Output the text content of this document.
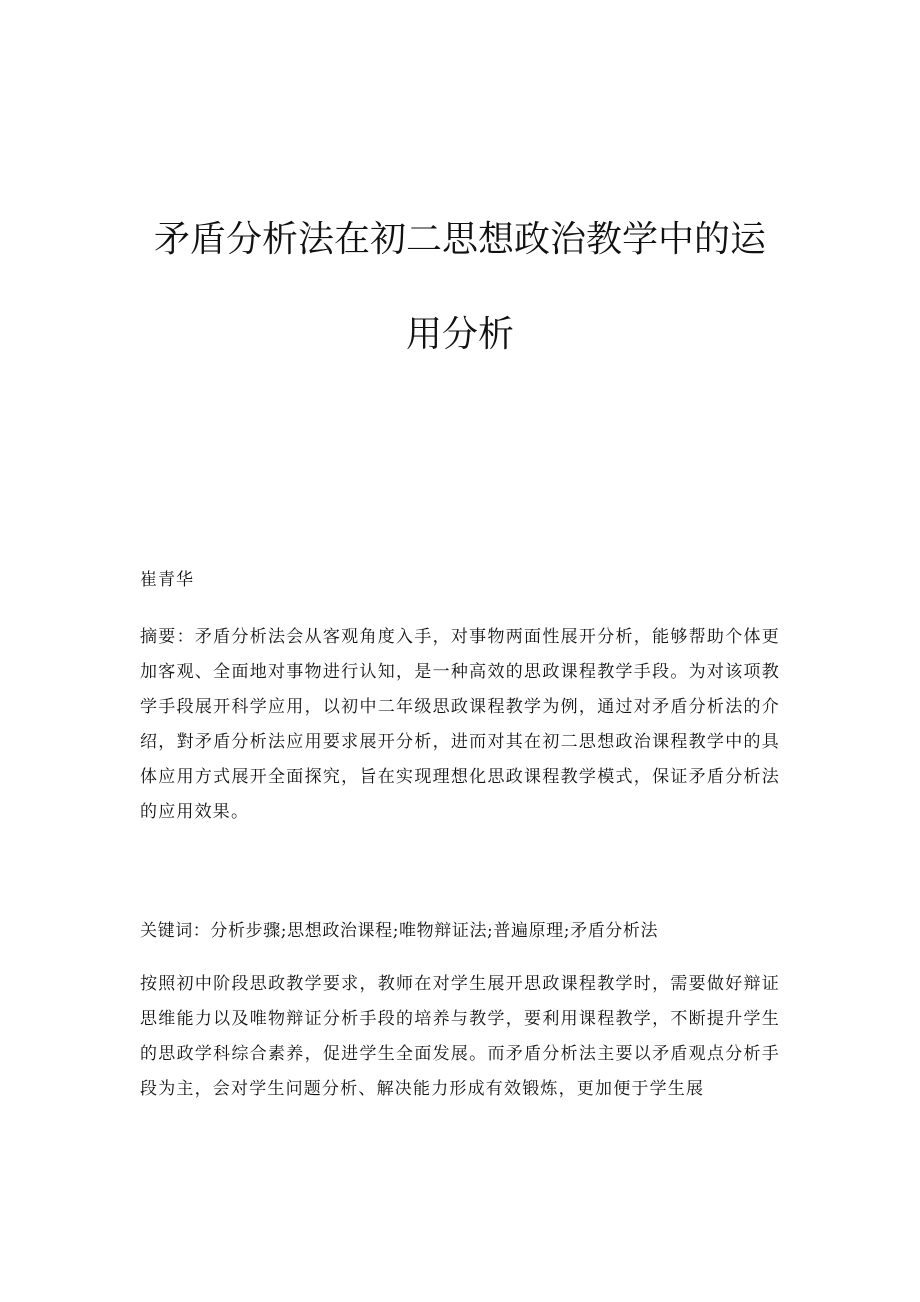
矛盾分析法在初二思想政治教学中的运
用分析
崔青华
摘要：矛盾分析法会从客观角度入手，对事物两面性展开分析，能够帮助个体更加客观、全面地对事物进行认知，是一种高效的思政课程教学手段。为对该项教学手段展开科学应用，以初中二年级思政课程教学为例，通过对矛盾分析法的介绍，對矛盾分析法应用要求展开分析，进而对其在初二思想政治课程教学中的具体应用方式展开全面探究，旨在实现理想化思政课程教学模式，保证矛盾分析法的应用效果。
关键词：分析步骤;思想政治课程;唯物辩证法;普遍原理;矛盾分析法
按照初中阶段思政教学要求，教师在对学生展开思政课程教学时，需要做好辩证思维能力以及唯物辩证分析手段的培养与教学，要利用课程教学，不断提升学生的思政学科综合素养，促进学生全面发展。而矛盾分析法主要以矛盾观点分析手段为主，会对学生问题分析、解决能力形成有效锻炼，更加便于学生展
